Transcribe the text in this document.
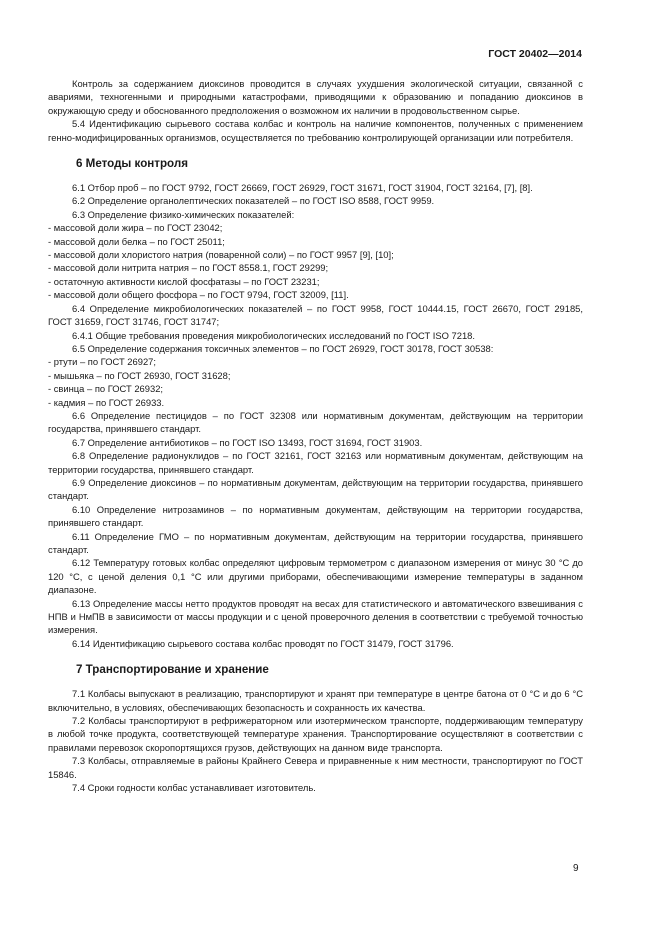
ГОСТ 20402—2014

Контроль за содержанием диоксинов проводится в случаях ухудшения экологической ситуации, связанной с авариями, техногенными и природными катастрофами, приводящими к образованию и попаданию диоксинов в окружающую среду и обоснованного предположения о возможном их наличии в продовольственном сырье.

5.4 Идентификацию сырьевого состава колбас и контроль на наличие компонентов, полученных с применением генно-модифицированных организмов, осуществляется по требованию контролирующей организации или потребителя.

6 Методы контроля

6.1 Отбор проб – по ГОСТ 9792, ГОСТ 26669, ГОСТ 26929, ГОСТ 31671, ГОСТ 31904, ГОСТ 32164, [7], [8].

6.2 Определение органолептических показателей – по ГОСТ ISO 8588, ГОСТ 9959.

6.3 Определение физико-химических показателей:

- массовой доли жира – по ГОСТ 23042;

- массовой доли белка – по ГОСТ 25011;

- массовой доли хлористого натрия (поваренной соли) – по ГОСТ 9957 [9], [10];

- массовой доли нитрита натрия – по ГОСТ 8558.1, ГОСТ 29299;

- остаточную активности кислой фосфатазы – по ГОСТ 23231;

- массовой доли общего фосфора – по ГОСТ 9794, ГОСТ 32009, [11].

6.4 Определение микробиологических показателей – по ГОСТ 9958, ГОСТ 10444.15, ГОСТ 26670, ГОСТ 29185, ГОСТ 31659, ГОСТ 31746, ГОСТ 31747;

6.4.1 Общие требования проведения микробиологических исследований по ГОСТ ISO 7218.

6.5 Определение содержания токсичных элементов – по ГОСТ 26929, ГОСТ 30178, ГОСТ 30538:

- ртути – по ГОСТ 26927;

- мышьяка – по ГОСТ 26930, ГОСТ 31628;

- свинца – по ГОСТ 26932;

- кадмия – по ГОСТ 26933.

6.6 Определение пестицидов – по ГОСТ 32308 или нормативным документам, действующим на территории государства, принявшего стандарт.

6.7 Определение антибиотиков – по ГОСТ ISO 13493, ГОСТ 31694, ГОСТ 31903.

6.8 Определение радионуклидов – по ГОСТ 32161, ГОСТ 32163 или нормативным документам, действующим на территории государства, принявшего стандарт.

6.9 Определение диоксинов – по нормативным документам, действующим на территории государства, принявшего стандарт.

6.10 Определение нитрозаминов – по нормативным документам, действующим на территории государства, принявшего стандарт.

6.11 Определение ГМО – по нормативным документам, действующим на территории государства, принявшего стандарт.

6.12 Температуру готовых колбас определяют цифровым термометром с диапазоном измерения от минус 30 °С до 120 °С, с ценой деления 0,1 °С или другими приборами, обеспечивающими измерение температуры в заданном диапазоне.

6.13 Определение массы нетто продуктов проводят на весах для статистического и автоматического взвешивания с НПВ и НмПВ в зависимости от массы продукции и с ценой проверочного деления в соответствии с требуемой точностью измерения.

6.14 Идентификацию сырьевого состава колбас проводят по ГОСТ 31479, ГОСТ 31796.

7 Транспортирование и хранение

7.1 Колбасы выпускают в реализацию, транспортируют и хранят при температуре в центре батона от 0 °С и до 6 °С включительно, в условиях, обеспечивающих безопасность и сохранность их качества.

7.2 Колбасы транспортируют в рефрижераторном или изотермическом транспорте, поддерживающим температуру в любой точке продукта, соответствующей температуре хранения. Транспортирование осуществляют в соответствии с правилами перевозок скоропортящихся грузов, действующих на данном виде транспорта.

7.3 Колбасы, отправляемые в районы Крайнего Севера и приравненные к ним местности, транспортируют по ГОСТ 15846.

7.4 Сроки годности колбас устанавливает изготовитель.

9
